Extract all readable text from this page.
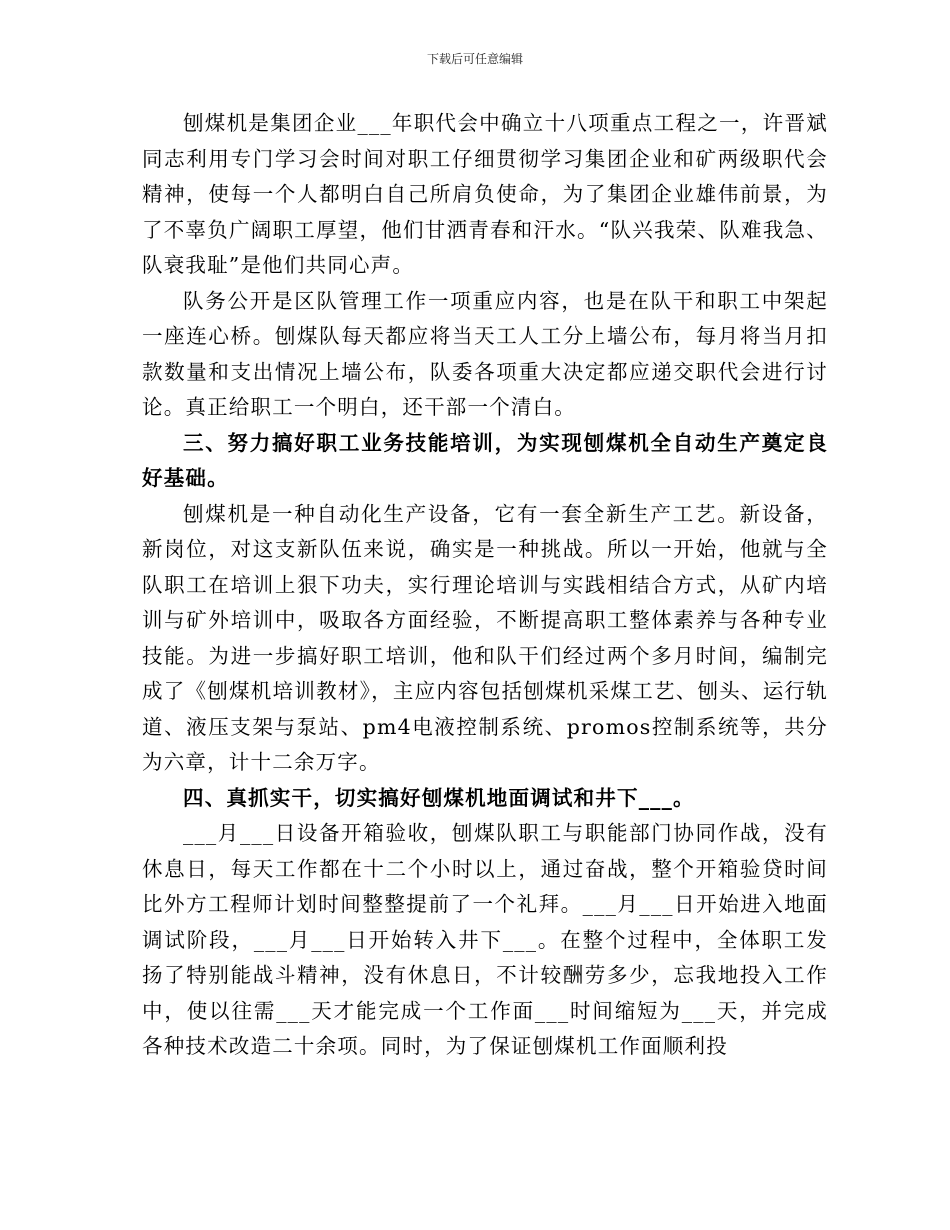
下载后可任意编辑

刨煤机是集团企业___年职代会中确立十八项重点工程之一，许晋斌同志利用专门学习会时间对职工仔细贯彻学习集团企业和矿两级职代会精神，使每一个人都明白自己所肩负使命，为了集团企业雄伟前景，为了不辜负广阔职工厚望，他们甘洒青春和汗水。“队兴我荣、队难我急、队衰我耻”是他们共同心声。

队务公开是区队管理工作一项重应内容，也是在队干和职工中架起一座连心桥。刨煤队每天都应将当天工人工分上墙公布，每月将当月扣款数量和支出情况上墙公布，队委各项重大决定都应递交职代会进行讨论。真正给职工一个明白，还干部一个清白。

三、努力搞好职工业务技能培训，为实现刨煤机全自动生产奠定良好基础。

刨煤机是一种自动化生产设备，它有一套全新生产工艺。新设备，新岗位，对这支新队伍来说，确实是一种挑战。所以一开始，他就与全队职工在培训上狠下功夫，实行理论培训与实践相结合方式，从矿内培训与矿外培训中，吸取各方面经验，不断提高职工整体素养与各种专业技能。为进一步搞好职工培训，他和队干们经过两个多月时间，编制完成了《刨煤机培训教材》，主应内容包括刨煤机采煤工艺、刨头、运行轨道、液压支架与泵站、pm4电液控制系统、promos控制系统等，共分为六章，计十二余万字。

四、真抓实干，切实搞好刨煤机地面调试和井下___。

___月___日设备开箱验收，刨煤队职工与职能部门协同作战，没有休息日，每天工作都在十二个小时以上，通过奋战，整个开箱验贷时间比外方工程师计划时间整整提前了一个礼拜。___月___日开始进入地面调试阶段，___月___日开始转入井下___。在整个过程中，全体职工发扬了特别能战斗精神，没有休息日，不计较酬劳多少，忘我地投入工作中，使以往需___天才能完成一个工作面___时间缩短为___天，并完成各种技术改造二十余项。同时，为了保证刨煤机工作面顺利投
